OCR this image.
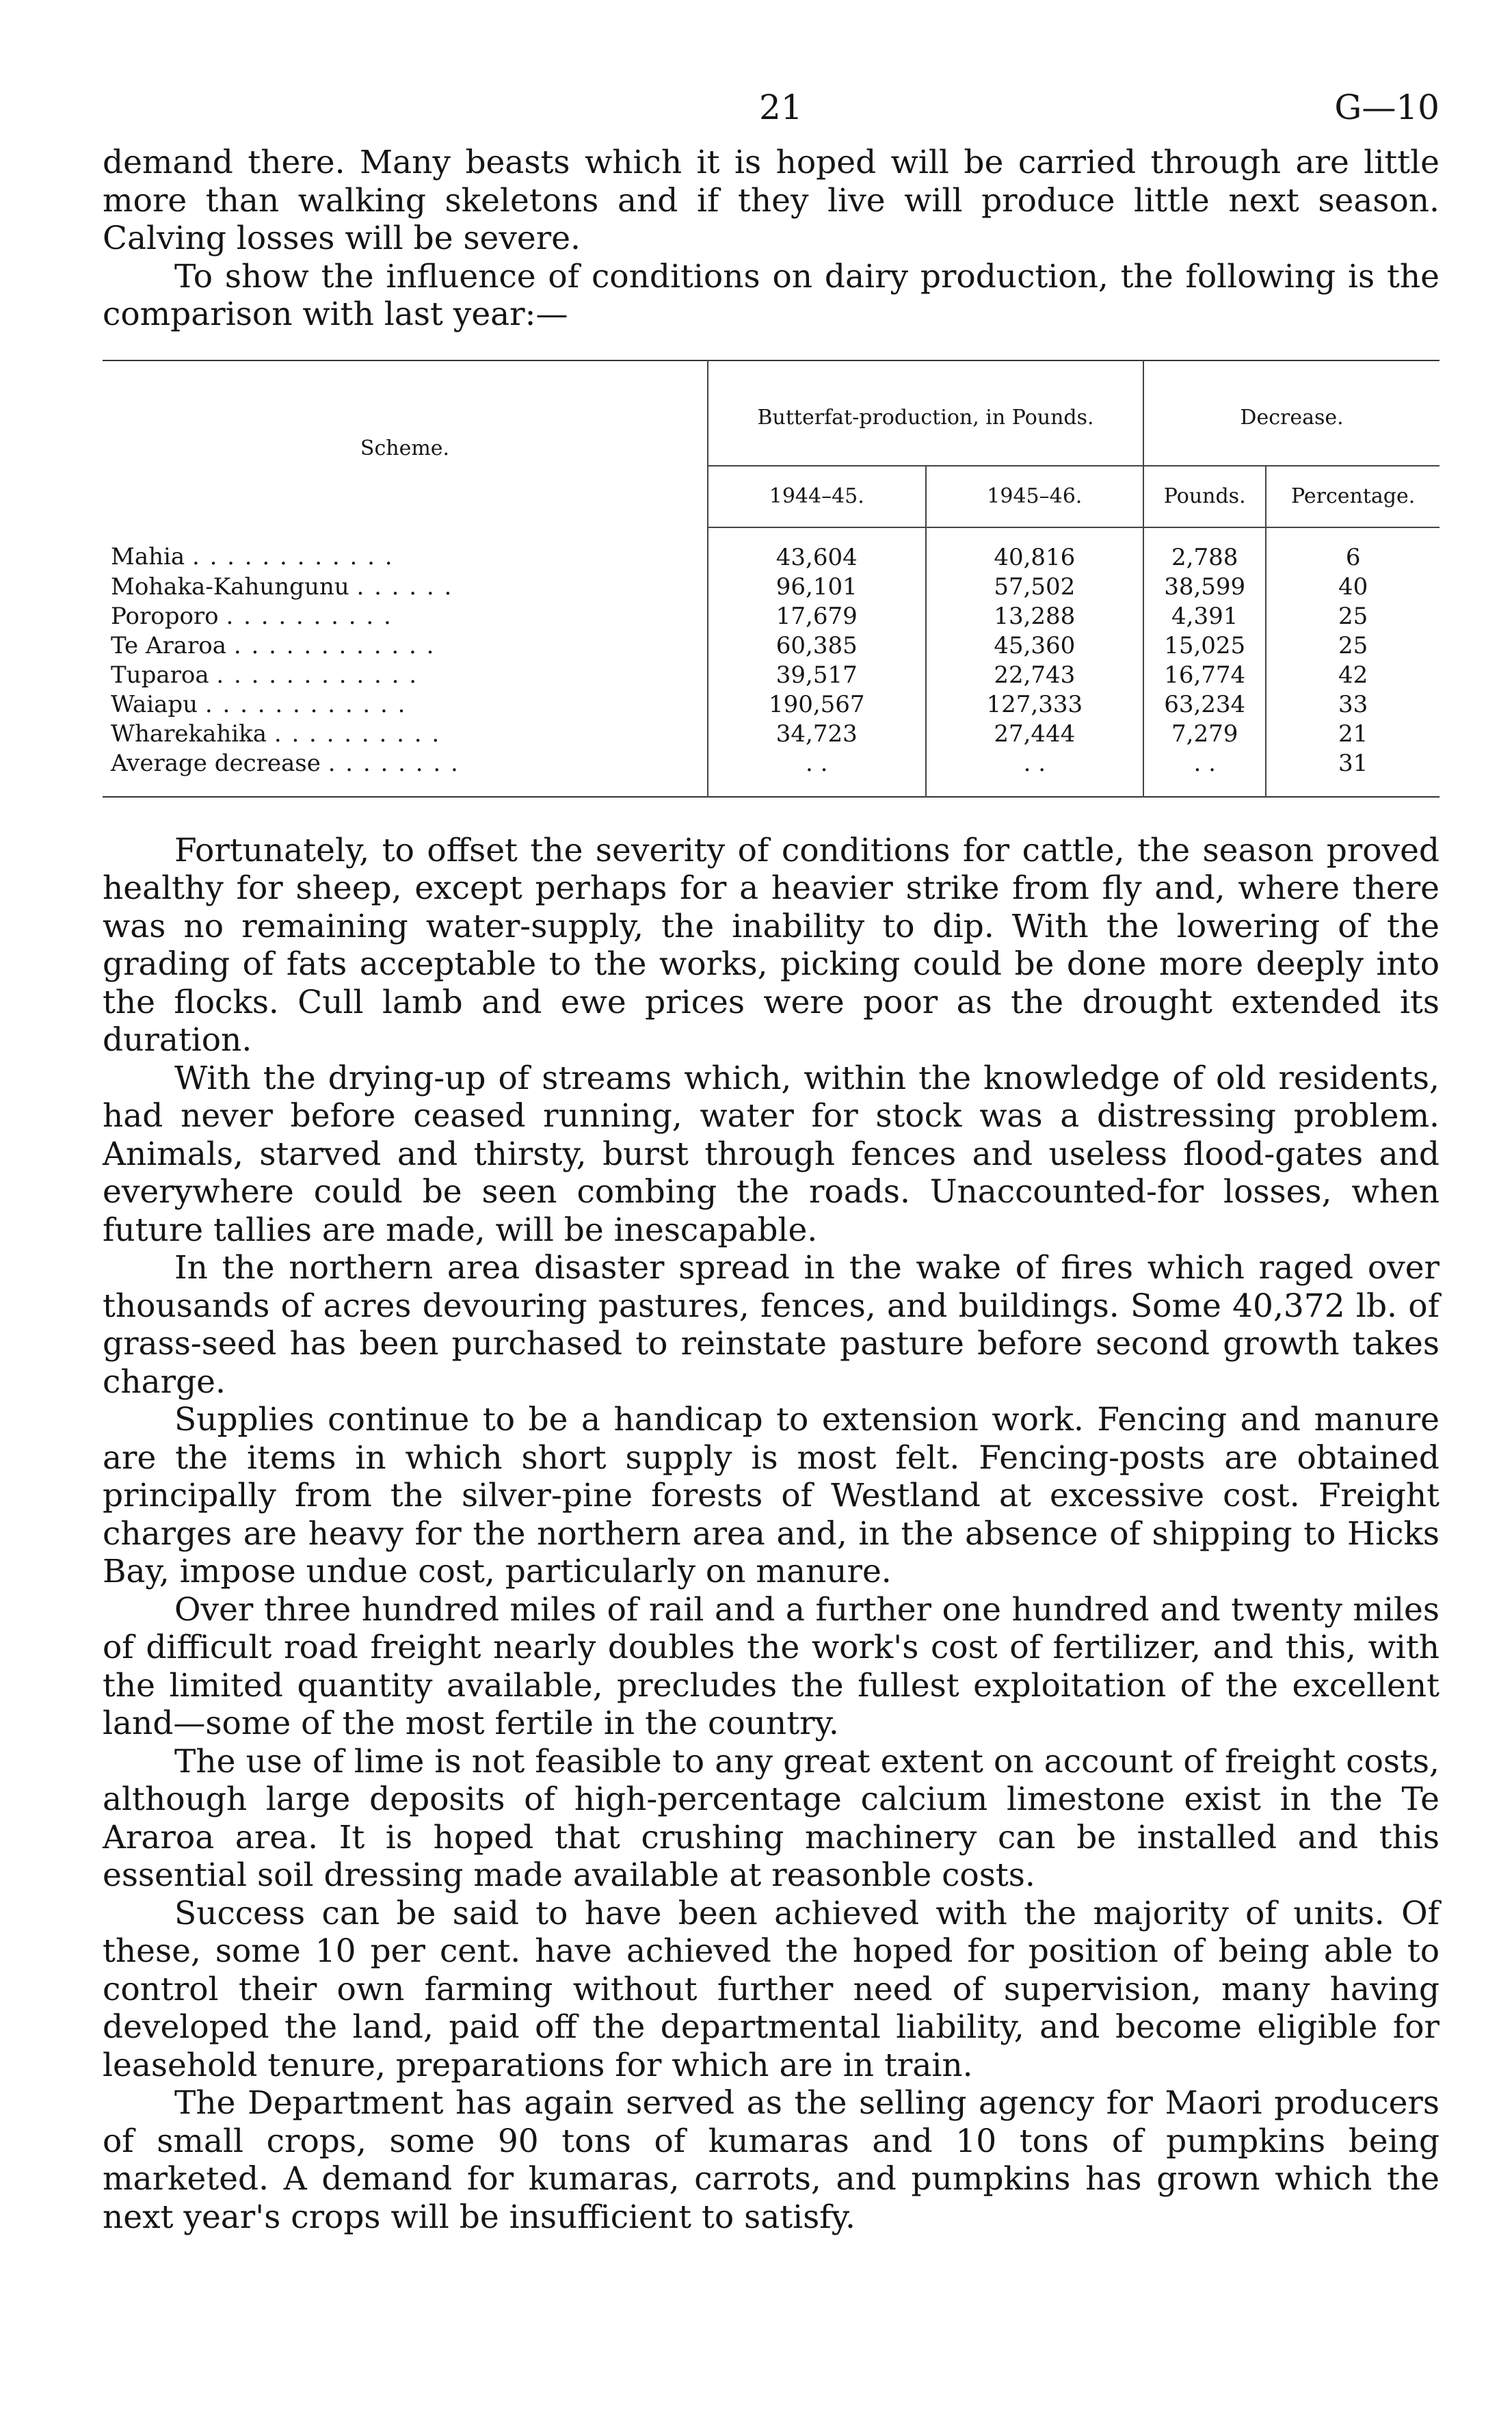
21	G—10

demand there. Many beasts which it is hoped will be carried through are little more than walking skeletons and if they live will produce little next season. Calving losses will be severe.

To show the influence of conditions on dairy production, the following is the comparison with last year:—

Scheme.	Butterfat-production, in Pounds.		Decrease.	
	1944–45.	1945–46.	Pounds.	Percentage.
Mahia . . . . . . . . . . . .	43,604	40,816	2,788	6
Mohaka-Kahungunu . . . . . .	96,101	57,502	38,599	40
Poroporo . . . . . . . . . .	17,679	13,288	4,391	25
Te Araroa . . . . . . . . . . . .	60,385	45,360	15,025	25
Tuparoa . . . . . . . . . . . .	39,517	22,743	16,774	42
Waiapu . . . . . . . . . . . .	190,567	127,333	63,234	33
Wharekahika . . . . . . . . . .	34,723	27,444	7,279	21
Average decrease . . . . . . . .	. .	. .	. .	31

Fortunately, to offset the severity of conditions for cattle, the season proved healthy for sheep, except perhaps for a heavier strike from fly and, where there was no remaining water-supply, the inability to dip. With the lowering of the grading of fats acceptable to the works, picking could be done more deeply into the flocks. Cull lamb and ewe prices were poor as the drought extended its duration.

With the drying-up of streams which, within the knowledge of old residents, had never before ceased running, water for stock was a distressing problem. Animals, starved and thirsty, burst through fences and useless flood-gates and everywhere could be seen combing the roads. Unaccounted-for losses, when future tallies are made, will be inescapable.

In the northern area disaster spread in the wake of fires which raged over thousands of acres devouring pastures, fences, and buildings. Some 40,372 lb. of grass-seed has been purchased to reinstate pasture before second growth takes charge.

Supplies continue to be a handicap to extension work. Fencing and manure are the items in which short supply is most felt. Fencing-posts are obtained principally from the silver-pine forests of Westland at excessive cost. Freight charges are heavy for the northern area and, in the absence of shipping to Hicks Bay, impose undue cost, particularly on manure.

Over three hundred miles of rail and a further one hundred and twenty miles of difficult road freight nearly doubles the work's cost of fertilizer, and this, with the limited quantity available, precludes the fullest exploitation of the excellent land—some of the most fertile in the country.

The use of lime is not feasible to any great extent on account of freight costs, although large deposits of high-percentage calcium limestone exist in the Te Araroa area. It is hoped that crushing machinery can be installed and this essential soil dressing made available at reasonble costs.

Success can be said to have been achieved with the majority of units. Of these, some 10 per cent. have achieved the hoped for position of being able to control their own farming without further need of supervision, many having developed the land, paid off the departmental liability, and become eligible for leasehold tenure, preparations for which are in train.

The Department has again served as the selling agency for Maori producers of small crops, some 90 tons of kumaras and 10 tons of pumpkins being marketed. A demand for kumaras, carrots, and pumpkins has grown which the next year's crops will be insufficient to satisfy.
